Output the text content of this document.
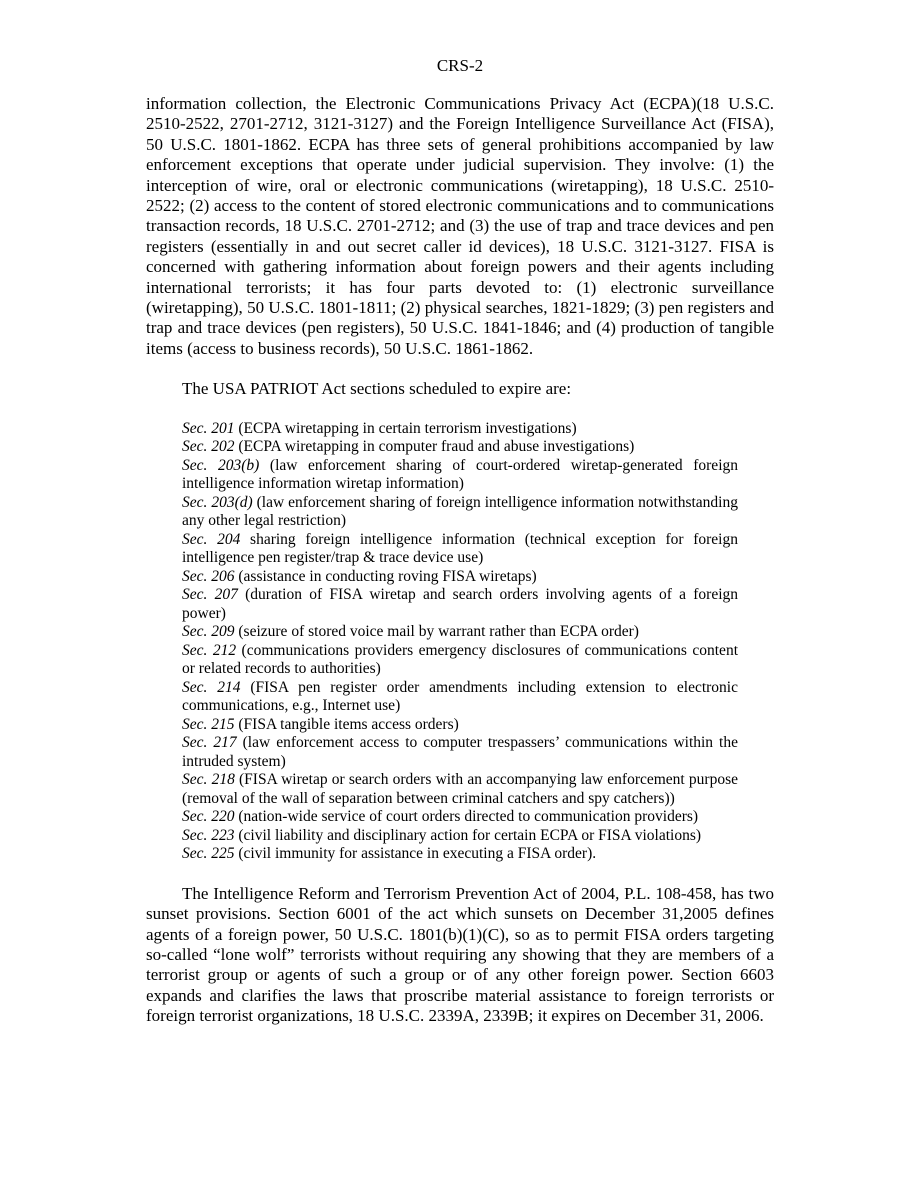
CRS-2

information collection, the Electronic Communications Privacy Act (ECPA)(18 U.S.C. 2510-2522, 2701-2712, 3121-3127) and the Foreign Intelligence Surveillance Act (FISA), 50 U.S.C. 1801-1862. ECPA has three sets of general prohibitions accompanied by law enforcement exceptions that operate under judicial supervision. They involve: (1) the interception of wire, oral or electronic communications (wiretapping), 18 U.S.C. 2510-2522; (2) access to the content of stored electronic communications and to communications transaction records, 18 U.S.C. 2701-2712; and (3) the use of trap and trace devices and pen registers (essentially in and out secret caller id devices), 18 U.S.C. 3121-3127. FISA is concerned with gathering information about foreign powers and their agents including international terrorists; it has four parts devoted to: (1) electronic surveillance (wiretapping), 50 U.S.C. 1801-1811; (2) physical searches, 1821-1829; (3) pen registers and trap and trace devices (pen registers), 50 U.S.C. 1841-1846; and (4) production of tangible items (access to business records), 50 U.S.C. 1861-1862.

The USA PATRIOT Act sections scheduled to expire are:

Sec. 201 (ECPA wiretapping in certain terrorism investigations)
Sec. 202 (ECPA wiretapping in computer fraud and abuse investigations)
Sec. 203(b) (law enforcement sharing of court-ordered wiretap-generated foreign intelligence information wiretap information)
Sec. 203(d) (law enforcement sharing of foreign intelligence information notwithstanding any other legal restriction)
Sec. 204 sharing foreign intelligence information (technical exception for foreign intelligence pen register/trap & trace device use)
Sec. 206 (assistance in conducting roving FISA wiretaps)
Sec. 207 (duration of FISA wiretap and search orders involving agents of a foreign power)
Sec. 209 (seizure of stored voice mail by warrant rather than ECPA order)
Sec. 212 (communications providers emergency disclosures of communications content or related records to authorities)
Sec. 214 (FISA pen register order amendments including extension to electronic communications, e.g., Internet use)
Sec. 215 (FISA tangible items access orders)
Sec. 217 (law enforcement access to computer trespassers’ communications within the intruded system)
Sec. 218 (FISA wiretap or search orders with an accompanying law enforcement purpose (removal of the wall of separation between criminal catchers and spy catchers))
Sec. 220 (nation-wide service of court orders directed to communication providers)
Sec. 223 (civil liability and disciplinary action for certain ECPA or FISA violations)
Sec. 225 (civil immunity for assistance in executing a FISA order).

The Intelligence Reform and Terrorism Prevention Act of 2004, P.L. 108-458, has two sunset provisions. Section 6001 of the act which sunsets on December 31,2005 defines agents of a foreign power, 50 U.S.C. 1801(b)(1)(C), so as to permit FISA orders targeting so-called “lone wolf” terrorists without requiring any showing that they are members of a terrorist group or agents of such a group or of any other foreign power. Section 6603 expands and clarifies the laws that proscribe material assistance to foreign terrorists or foreign terrorist organizations, 18 U.S.C. 2339A, 2339B; it expires on December 31, 2006.
